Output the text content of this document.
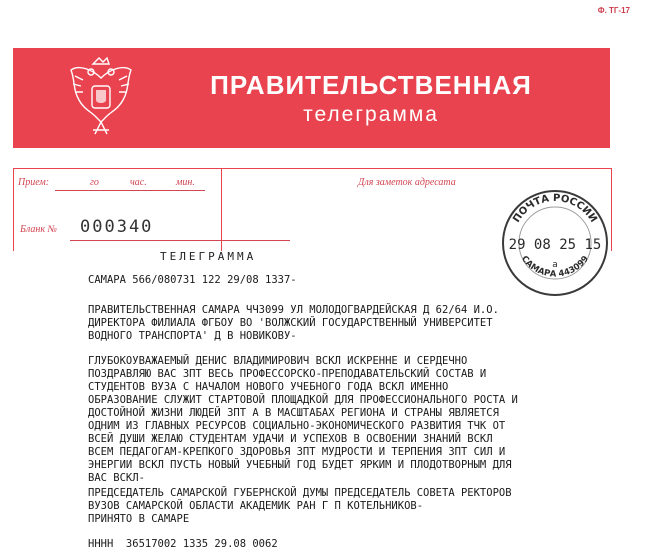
Ф. ТГ-17
ПРАВИТЕЛЬСТВЕННАЯ
телеграмма
Прием:	го	час.	мин.	Для заметок адресата
Бланк № 000340	ПОЧТА РОССИИ
29 08 25 15
а
САМАРА 443099
ТЕЛЕГРАММА
САМАРА 566/080731 122 29/08 1337-
ПРАВИТЕЛЬСТВЕННАЯ САМАРА ЧЧ3099 УЛ МОЛОДОГВАРДЕЙСКАЯ Д 62/64 И.О.
ДИРЕКТОРА ФИЛИАЛА ФГБОУ ВО 'ВОЛЖСКИЙ ГОСУДАРСТВЕННЫЙ УНИВЕРСИТЕТ
ВОДНОГО ТРАНСПОРТА' Д В НОВИКОВУ-
ГЛУБОКОУВАЖАЕМЫЙ ДЕНИС ВЛАДИМИРОВИЧ ВСКЛ ИСКРЕННЕ И СЕРДЕЧНО
ПОЗДРАВЛЯЮ ВАС ЗПТ ВЕСЬ ПРОФЕССОРСКО-ПРЕПОДАВАТЕЛЬСКИЙ СОСТАВ И
СТУДЕНТОВ ВУЗА С НАЧАЛОМ НОВОГО УЧЕБНОГО ГОДА ВСКЛ ИМЕННО
ОБРАЗОВАНИЕ СЛУЖИТ СТАРТОВОЙ ПЛОЩАДКОЙ ДЛЯ ПРОФЕССИОНАЛЬНОГО РОСТА И
ДОСТОЙНОЙ ЖИЗНИ ЛЮДЕЙ ЗПТ А В МАСШТАБАХ РЕГИОНА И СТРАНЫ ЯВЛЯЕТСЯ
ОДНИМ ИЗ ГЛАВНЫХ РЕСУРСОВ СОЦИАЛЬНО-ЭКОНОМИЧЕСКОГО РАЗВИТИЯ ТЧК ОТ
ВСЕЙ ДУШИ ЖЕЛАЮ СТУДЕНТАМ УДАЧИ И УСПЕХОВ В ОСВОЕНИИ ЗНАНИЙ ВСКЛ
ВСЕМ ПЕДАГОГАМ-КРЕПКОГО ЗДОРОВЬЯ ЗПТ МУДРОСТИ И ТЕРПЕНИЯ ЗПТ СИЛ И
ЭНЕРГИИ ВСКЛ ПУСТЬ НОВЫЙ УЧЕБНЫЙ ГОД БУДЕТ ЯРКИМ И ПЛОДОТВОРНЫМ ДЛЯ
ВАС ВСКЛ-
ПРЕДСЕДАТЕЛЬ САМАРСКОЙ ГУБЕРНСКОЙ ДУМЫ ПРЕДСЕДАТЕЛЬ СОВЕТА РЕКТОРОВ
ВУЗОВ САМАРСКОЙ ОБЛАСТИ АКАДЕМИК РАН Г П КОТЕЛЬНИКОВ-
ПРИНЯТО В САМАРЕ
НННН  36517002 1335 29.08 0062
